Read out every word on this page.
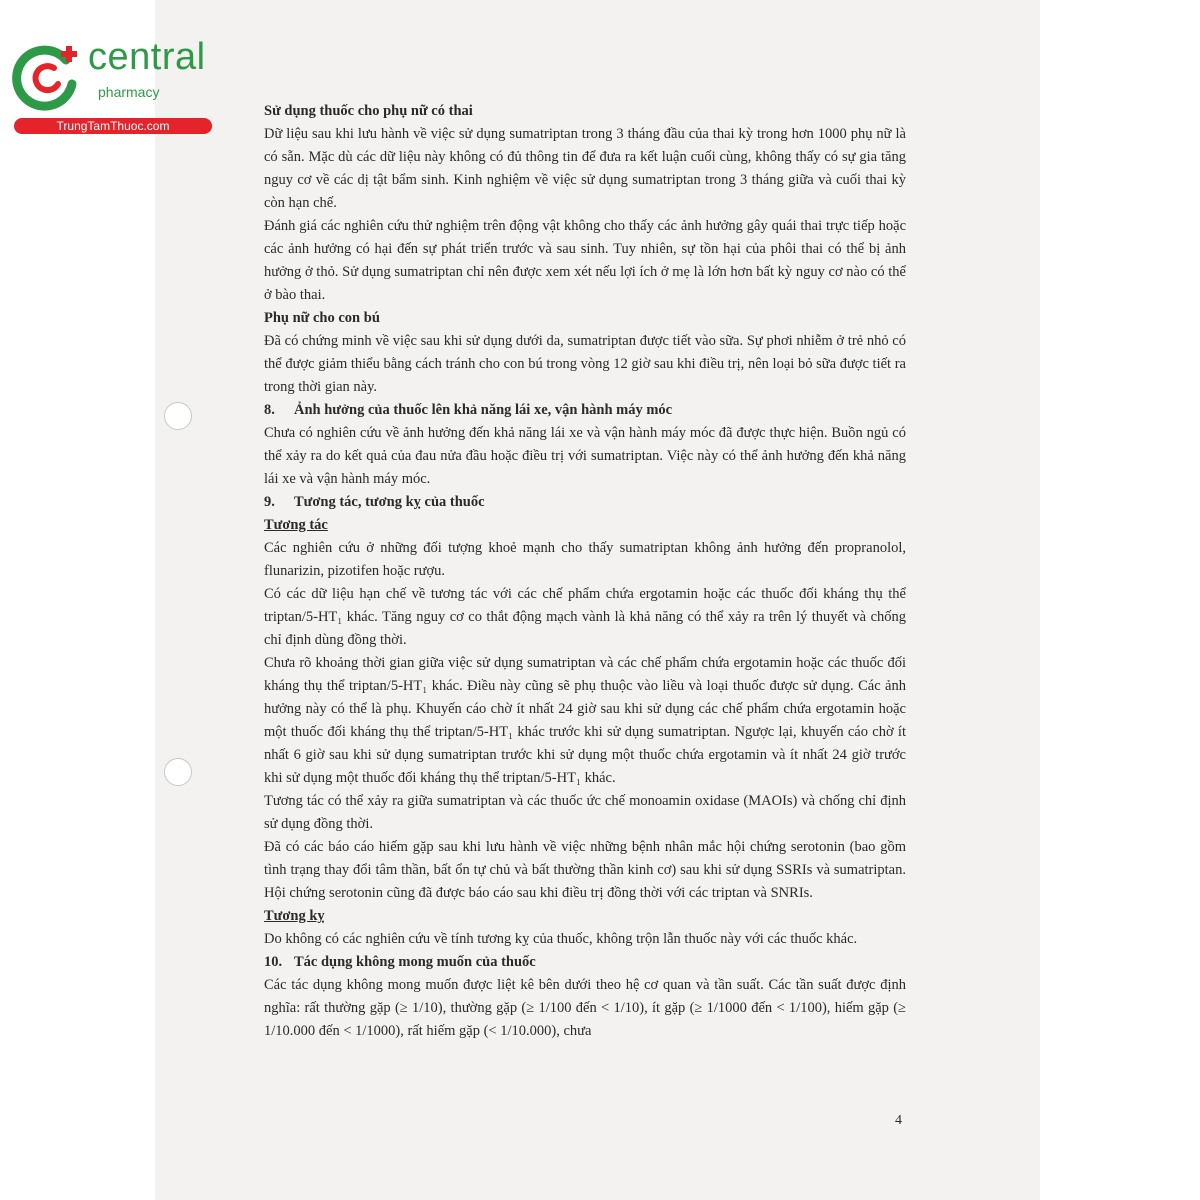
central
pharmacy
TrungTamThuoc.com
Sử dụng thuốc cho phụ nữ có thai

Dữ liệu sau khi lưu hành về việc sử dụng sumatriptan trong 3 tháng đầu của thai kỳ trong hơn 1000 phụ nữ là có sẵn. Mặc dù các dữ liệu này không có đủ thông tin để đưa ra kết luận cuối cùng, không thấy có sự gia tăng nguy cơ về các dị tật bẩm sinh. Kinh nghiệm về việc sử dụng sumatriptan trong 3 tháng giữa và cuối thai kỳ còn hạn chế.

Đánh giá các nghiên cứu thử nghiệm trên động vật không cho thấy các ảnh hưởng gây quái thai trực tiếp hoặc các ảnh hưởng có hại đến sự phát triển trước và sau sinh. Tuy nhiên, sự tồn hại của phôi thai có thể bị ảnh hưởng ở thỏ. Sử dụng sumatriptan chỉ nên được xem xét nếu lợi ích ở mẹ là lớn hơn bất kỳ nguy cơ nào có thể ở bào thai.

Phụ nữ cho con bú

Đã có chứng minh về việc sau khi sử dụng dưới da, sumatriptan được tiết vào sữa. Sự phơi nhiễm ở trẻ nhỏ có thể được giảm thiểu bằng cách tránh cho con bú trong vòng 12 giờ sau khi điều trị, nên loại bỏ sữa được tiết ra trong thời gian này.

8. Ảnh hưởng của thuốc lên khả năng lái xe, vận hành máy móc

Chưa có nghiên cứu về ảnh hưởng đến khả năng lái xe và vận hành máy móc đã được thực hiện. Buồn ngủ có thể xảy ra do kết quả của đau nửa đầu hoặc điều trị với sumatriptan. Việc này có thể ảnh hưởng đến khả năng lái xe và vận hành máy móc.

9. Tương tác, tương kỵ của thuốc
Tương tác

Các nghiên cứu ở những đối tượng khoẻ mạnh cho thấy sumatriptan không ảnh hưởng đến propranolol, flunarizin, pizotifen hoặc rượu.

Có các dữ liệu hạn chế về tương tác với các chế phẩm chứa ergotamin hoặc các thuốc đối kháng thụ thể triptan/5-HT₁ khác. Tăng nguy cơ co thắt động mạch vành là khả năng có thể xảy ra trên lý thuyết và chống chỉ định dùng đồng thời.

Chưa rõ khoảng thời gian giữa việc sử dụng sumatriptan và các chế phẩm chứa ergotamin hoặc các thuốc đối kháng thụ thể triptan/5-HT₁ khác. Điều này cũng sẽ phụ thuộc vào liều và loại thuốc được sử dụng. Các ảnh hưởng này có thể là phụ. Khuyến cáo chờ ít nhất 24 giờ sau khi sử dụng các chế phẩm chứa ergotamin hoặc một thuốc đối kháng thụ thể triptan/5-HT₁ khác trước khi sử dụng sumatriptan. Ngược lại, khuyến cáo chờ ít nhất 6 giờ sau khi sử dụng sumatriptan trước khi sử dụng một thuốc chứa ergotamin và ít nhất 24 giờ trước khi sử dụng một thuốc đối kháng thụ thể triptan/5-HT₁ khác.

Tương tác có thể xảy ra giữa sumatriptan và các thuốc ức chế monoamin oxidase (MAOIs) và chống chỉ định sử dụng đồng thời.

Đã có các báo cáo hiếm gặp sau khi lưu hành về việc những bệnh nhân mắc hội chứng serotonin (bao gồm tình trạng thay đổi tâm thần, bất ổn tự chủ và bất thường thần kinh cơ) sau khi sử dụng SSRIs và sumatriptan. Hội chứng serotonin cũng đã được báo cáo sau khi điều trị đồng thời với các triptan và SNRIs.

Tương kỵ

Do không có các nghiên cứu về tính tương kỵ của thuốc, không trộn lẫn thuốc này với các thuốc khác.

10. Tác dụng không mong muốn của thuốc

Các tác dụng không mong muốn được liệt kê bên dưới theo hệ cơ quan và tần suất. Các tần suất được định nghĩa: rất thường gặp (≥ 1/10), thường gặp (≥ 1/100 đến < 1/10), ít gặp (≥ 1/1000 đến < 1/100), hiếm gặp (≥ 1/10.000 đến < 1/1000), rất hiếm gặp (< 1/10.000), chưa

4
